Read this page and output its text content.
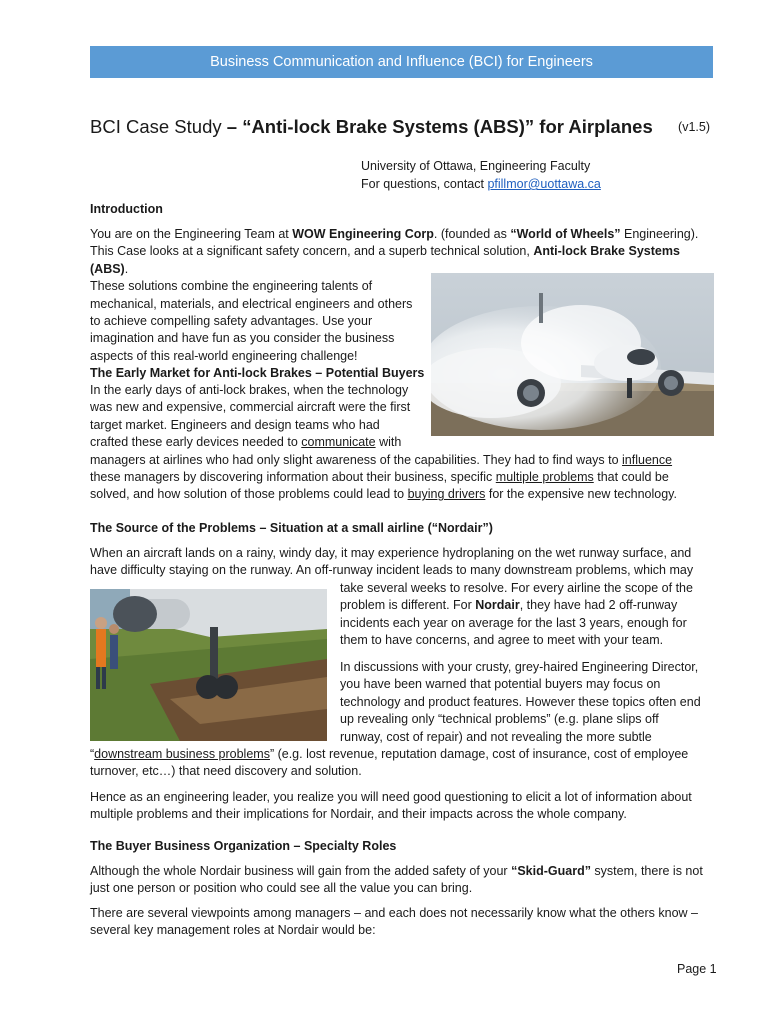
Business Communication and Influence (BCI) for Engineers
BCI Case Study – “Anti-lock Brake Systems (ABS)” for Airplanes (v1.5)
University of Ottawa, Engineering Faculty
For questions, contact pfillmor@uottawa.ca
Introduction
You are on the Engineering Team at WOW Engineering Corp. (founded as “World of Wheels” Engineering).
This Case looks at a significant safety concern, and a superb technical solution, Anti-lock Brake Systems (ABS).
These solutions combine the engineering talents of
mechanical, materials, and electrical engineers and others
to achieve compelling safety advantages. Use your
imagination and have fun as you consider the business
aspects of this real-world engineering challenge!
The Early Market for Anti-lock Brakes – Potential Buyers
In the early days of anti-lock brakes, when the technology
was new and expensive, commercial aircraft were the first
target market. Engineers and design teams who had
crafted these early devices needed to communicate with
managers at airlines who had only slight awareness of the capabilities. They had to find ways to influence
these managers by discovering information about their business, specific multiple problems that could be
solved, and how solution of those problems could lead to buying drivers for the expensive new technology.
The Source of the Problems – Situation at a small airline (“Nordair”)
When an aircraft lands on a rainy, windy day, it may experience hydroplaning on the wet runway surface, and
have difficulty staying on the runway. An off-runway incident leads to many downstream problems, which may
take several weeks to resolve. For every airline the scope of the
problem is different. For Nordair, they have had 2 off-runway
incidents each year on average for the last 3 years, enough for
them to have concerns, and agree to meet with your team.
In discussions with your crusty, grey-haired Engineering Director,
you have been warned that potential buyers may focus on
technology and product features. However these topics often end
up revealing only “technical problems” (e.g. plane slips off
runway, cost of repair) and not revealing the more subtle
“downstream business problems” (e.g. lost revenue, reputation damage, cost of insurance, cost of employee
turnover, etc…) that need discovery and solution.
Hence as an engineering leader, you realize you will need good questioning to elicit a lot of information about
multiple problems and their implications for Nordair, and their impacts across the whole company.
The Buyer Business Organization – Specialty Roles
Although the whole Nordair business will gain from the added safety of your “Skid-Guard” system, there is not
just one person or position who could see all the value you can bring.
There are several viewpoints among managers – and each does not necessarily know what the others know –
several key management roles at Nordair would be:
Page 1
